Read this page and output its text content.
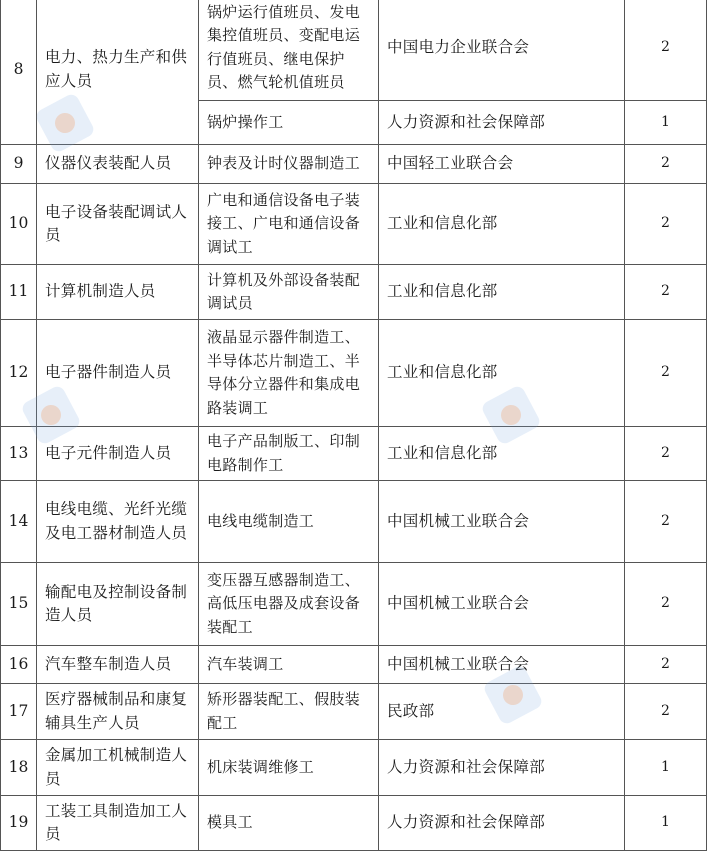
8	电力、热力生产和供应人员	锅炉运行值班员、发电集控值班员、变配电运行值班员、继电保护员、燃气轮机值班员	中国电力企业联合会	2
		锅炉操作工	人力资源和社会保障部	1
9	仪器仪表装配人员	钟表及计时仪器制造工	中国轻工业联合会	2
10	电子设备装配调试人员	广电和通信设备电子装接工、广电和通信设备调试工	工业和信息化部	2
11	计算机制造人员	计算机及外部设备装配调试员	工业和信息化部	2
12	电子器件制造人员	液晶显示器件制造工、半导体芯片制造工、半导体分立器件和集成电路装调工	工业和信息化部	2
13	电子元件制造人员	电子产品制版工、印制电路制作工	工业和信息化部	2
14	电线电缆、光纤光缆及电工器材制造人员	电线电缆制造工	中国机械工业联合会	2
15	输配电及控制设备制造人员	变压器互感器制造工、高低压电器及成套设备装配工	中国机械工业联合会	2
16	汽车整车制造人员	汽车装调工	中国机械工业联合会	2
17	医疗器械制品和康复辅具生产人员	矫形器装配工、假肢装配工	民政部	2
18	金属加工机械制造人员	机床装调维修工	人力资源和社会保障部	1
19	工装工具制造加工人员	模具工	人力资源和社会保障部	1
